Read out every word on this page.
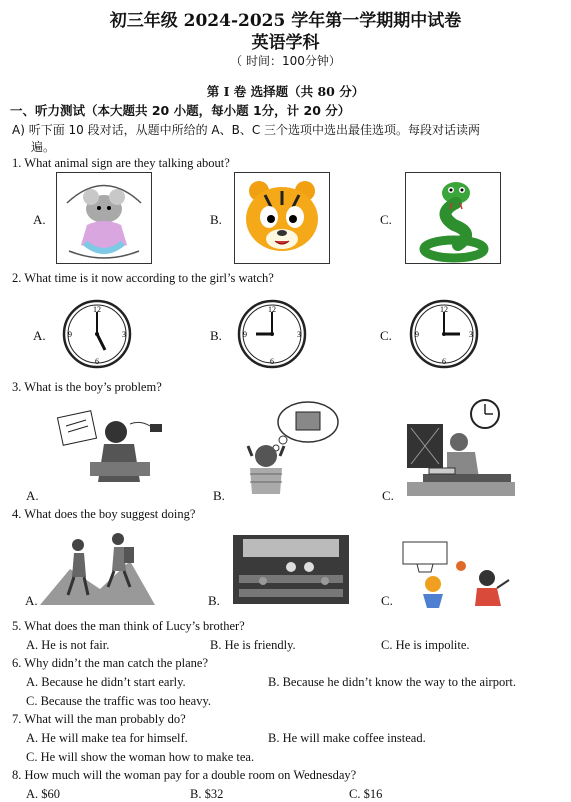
初三年级 2024-2025 学年第一学期期中试卷
英语学科
（ 时间：100分钟）
第 I 卷 选择题（共 80 分）
一、听力测试（本大题共 20 小题，每小题 1分，计 20 分）
A) 听下面 10 段对话，从题中所给的 A、B、C 三个选项中选出最佳选项。每段对话读两
遍。
1. What animal sign are they talking about?
A.	B.	C.
2. What time is it now according to the girl’s watch?
A.	B.	C.
12
3
6
9
12
3
6
9
12
3
6
9
3. What is the boy’s problem?
A.	B.	C.
4. What does the boy suggest doing?
A.	B.	C.
5. What does the man think of Lucy’s brother?
A. He is not fair.	B. He is friendly.	C. He is impolite.
6. Why didn’t the man catch the plane?
A. Because he didn’t start early.	B. Because he didn’t know the way to the airport.
C. Because the traffic was too heavy.
7. What will the man probably do?
A. He will make tea for himself.	B. He will make coffee instead.
C. He will show the woman how to make tea.
8. How much will the woman pay for a double room on Wednesday?
A. $60	B. $32	C. $16
